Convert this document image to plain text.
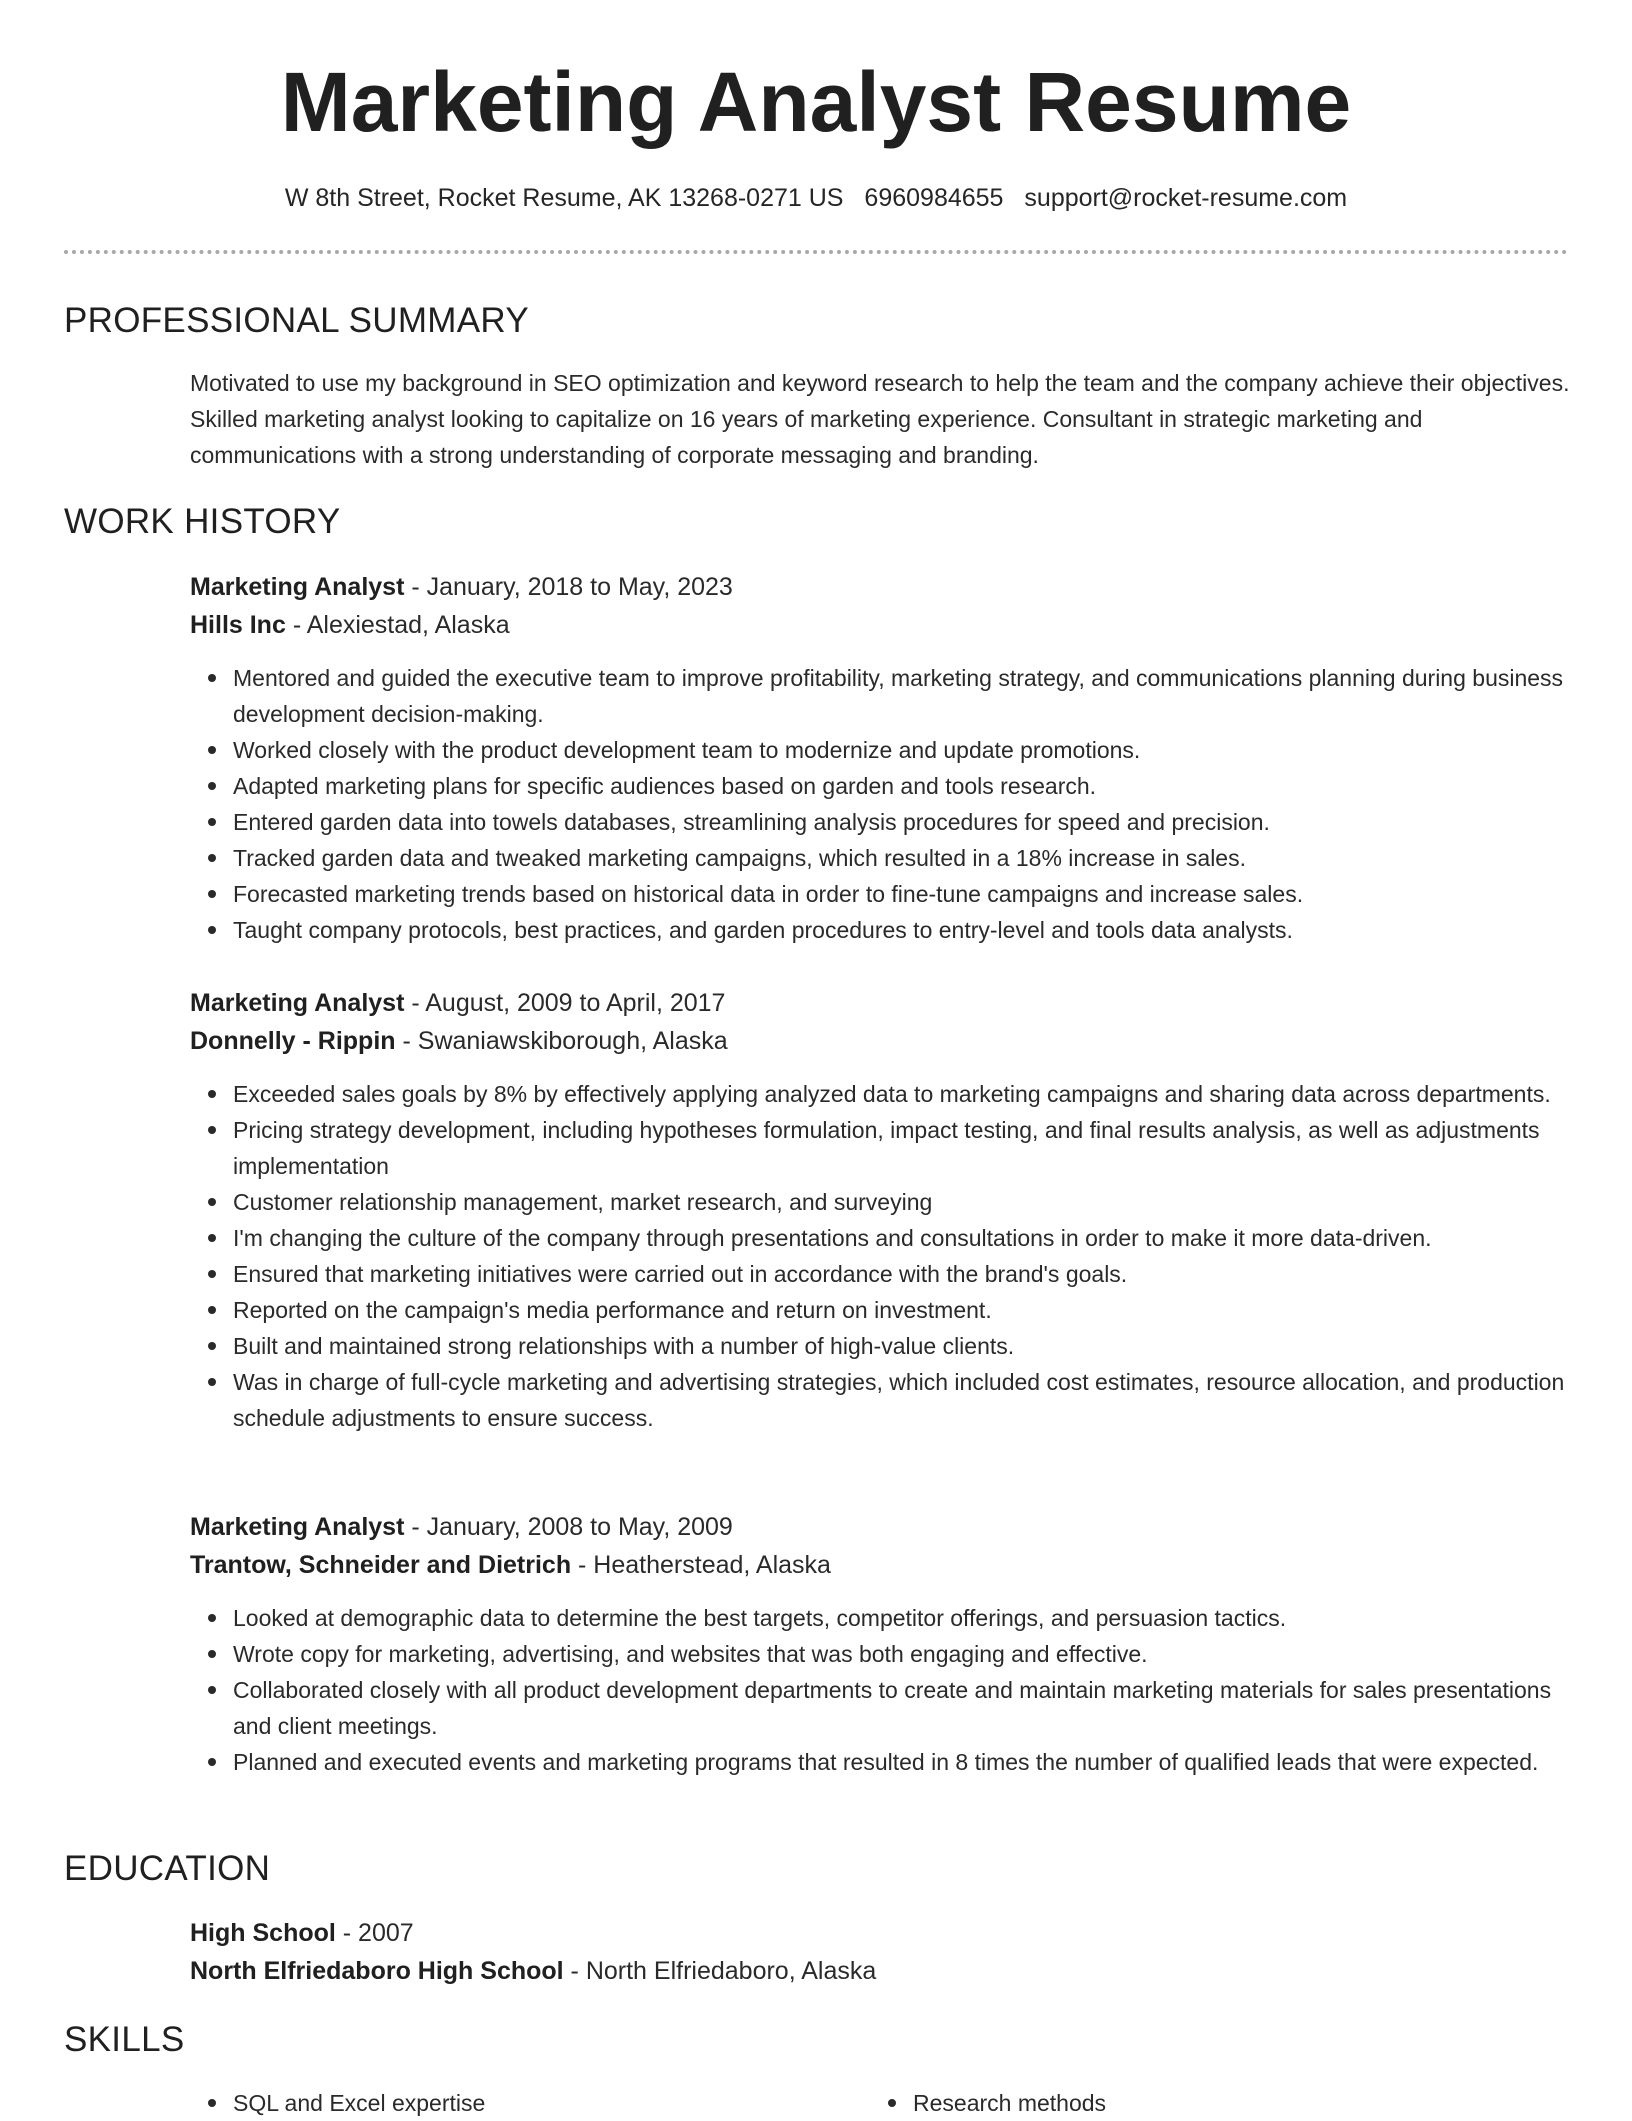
Marketing Analyst Resume
W 8th Street, Rocket Resume, AK 13268-0271 US 6960984655 support@rocket-resume.com
PROFESSIONAL SUMMARY

Motivated to use my background in SEO optimization and keyword research to help the team and the company achieve their objectives. Skilled marketing analyst looking to capitalize on 16 years of marketing experience. Consultant in strategic marketing and communications with a strong understanding of corporate messaging and branding.

WORK HISTORY
Marketing Analyst - January, 2018 to May, 2023
Hills Inc - Alexiestad, Alaska
Mentored and guided the executive team to improve profitability, marketing strategy, and communications planning during business development decision-making.
Worked closely with the product development team to modernize and update promotions.
Adapted marketing plans for specific audiences based on garden and tools research.
Entered garden data into towels databases, streamlining analysis procedures for speed and precision.
Tracked garden data and tweaked marketing campaigns, which resulted in a 18% increase in sales.
Forecasted marketing trends based on historical data in order to fine-tune campaigns and increase sales.
Taught company protocols, best practices, and garden procedures to entry-level and tools data analysts.
Marketing Analyst - August, 2009 to April, 2017
Donnelly - Rippin - Swaniawskiborough, Alaska
Exceeded sales goals by 8% by effectively applying analyzed data to marketing campaigns and sharing data across departments.
Pricing strategy development, including hypotheses formulation, impact testing, and final results analysis, as well as adjustments implementation
Customer relationship management, market research, and surveying
I'm changing the culture of the company through presentations and consultations in order to make it more data-driven.
Ensured that marketing initiatives were carried out in accordance with the brand's goals.
Reported on the campaign's media performance and return on investment.
Built and maintained strong relationships with a number of high-value clients.
Was in charge of full-cycle marketing and advertising strategies, which included cost estimates, resource allocation, and production schedule adjustments to ensure success.
Marketing Analyst - January, 2008 to May, 2009
Trantow, Schneider and Dietrich - Heatherstead, Alaska
Looked at demographic data to determine the best targets, competitor offerings, and persuasion tactics.
Wrote copy for marketing, advertising, and websites that was both engaging and effective.
Collaborated closely with all product development departments to create and maintain marketing materials for sales presentations and client meetings.
Planned and executed events and marketing programs that resulted in 8 times the number of qualified leads that were expected.
EDUCATION
High School - 2007
North Elfriedaboro High School - North Elfriedaboro, Alaska
SKILLS
SQL and Excel expertise	Research methods
